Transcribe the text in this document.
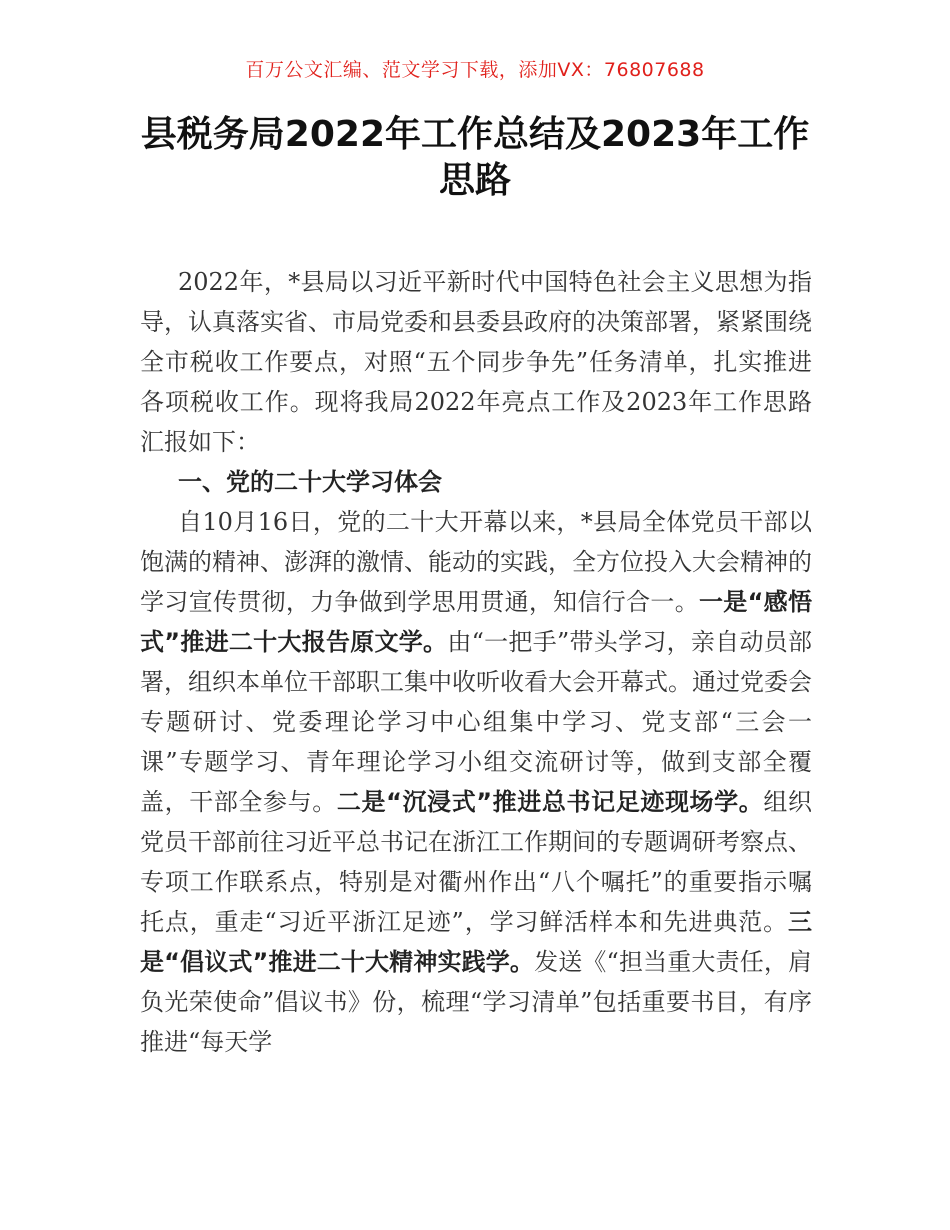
百万公文汇编、范文学习下载，添加VX：76807688
县税务局2022年工作总结及2023年工作
思路

2022年，*县局以习近平新时代中国特色社会主义思想为指导，认真落实省、市局党委和县委县政府的决策部署，紧紧围绕全市税收工作要点，对照“五个同步争先”任务清单，扎实推进各项税收工作。现将我局2022年亮点工作及2023年工作思路汇报如下：

一、党的二十大学习体会

自10月16日，党的二十大开幕以来，*县局全体党员干部以饱满的精神、澎湃的激情、能动的实践，全方位投入大会精神的学习宣传贯彻，力争做到学思用贯通，知信行合一。一是“感悟式”推进二十大报告原文学。由“一把手”带头学习，亲自动员部署，组织本单位干部职工集中收听收看大会开幕式。通过党委会专题研讨、党委理论学习中心组集中学习、党支部“三会一课”专题学习、青年理论学习小组交流研讨等，做到支部全覆盖，干部全参与。二是“沉浸式”推进总书记足迹现场学。组织党员干部前往习近平总书记在浙江工作期间的专题调研考察点、专项工作联系点，特别是对衢州作出“八个嘱托”的重要指示嘱托点，重走“习近平浙江足迹”，学习鲜活样本和先进典范。三是“倡议式”推进二十大精神实践学。发送《“担当重大责任，肩负光荣使命”倡议书》份，梳理“学习清单”包括重要书目，有序推进“每天学
